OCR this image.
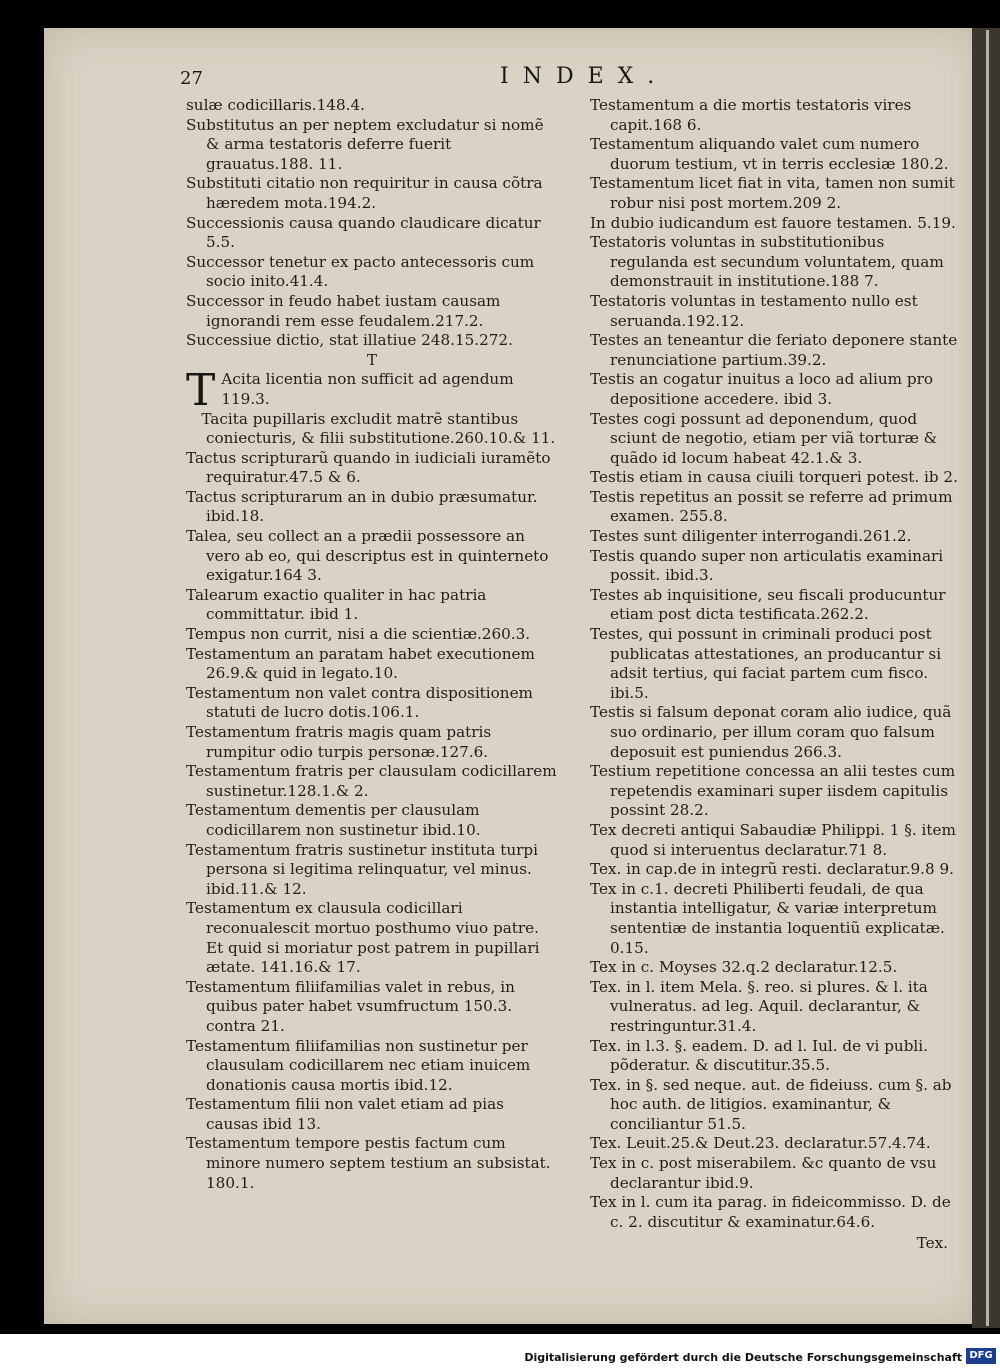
27	INDEX.
sulæ codicillaris.148.4.
Substitutus an per neptem excludatur si nomẽ & arma testatoris deferre fuerit grauatus.188. 11.
Substituti citatio non requiritur in causa cõtra hæredem mota.194.2.
Successionis causa quando claudicare dicatur 5.5.
Successor tenetur ex pacto antecessoris cum socio inito.41.4.
Successor in feudo habet iustam causam ignorandi rem esse feudalem.217.2.
Successiue dictio, stat illatiue 248.15.272.
T
T Acita licentia non sufficit ad agendum 119.3.
Tacita pupillaris excludit matrẽ stantibus coniecturis, & filii substitutione.260.10.& 11.
Tactus scripturarũ quando in iudiciali iuramẽto requiratur.47.5 & 6.
Tactus scripturarum an in dubio præsumatur. ibid.18.
Talea, seu collect an a prædii possessore an vero ab eo, qui descriptus est in quinterneto exigatur.164 3.
Talearum exactio qualiter in hac patria committatur. ibid 1.
Tempus non currit, nisi a die scientiæ.260.3.
Testamentum an paratam habet executionem 26.9.& quid in legato.10.
Testamentum non valet contra dispositionem statuti de lucro dotis.106.1.
Testamentum fratris magis quam patris rumpitur odio turpis personæ.127.6.
Testamentum fratris per clausulam codicillarem sustinetur.128.1.& 2.
Testamentum dementis per clausulam codicillarem non sustinetur ibid.10.
Testamentum fratris sustinetur instituta turpi persona si legitima relinquatur, vel minus. ibid.11.& 12.
Testamentum ex clausula codicillari reconualescit mortuo posthumo viuo patre. Et quid si moriatur post patrem in pupillari ætate. 141.16.& 17.
Testamentum filiifamilias valet in rebus, in quibus pater habet vsumfructum 150.3. contra 21.
Testamentum filiifamilias non sustinetur per clausulam codicillarem nec etiam inuicem donationis causa mortis ibid.12.
Testamentum filii non valet etiam ad pias causas ibid 13.
Testamentum tempore pestis factum cum minore numero septem testium an subsistat. 180.1.
Testamentum a die mortis testatoris vires capit.168 6.
Testamentum aliquando valet cum numero duorum testium, vt in terris ecclesiæ 180.2.
Testamentum licet fiat in vita, tamen non sumit robur nisi post mortem.209 2.
In dubio iudicandum est fauore testamen. 5.19.
Testatoris voluntas in substitutionibus regulanda est secundum voluntatem, quam demonstrauit in institutione.188 7.
Testatoris voluntas in testamento nullo est seruanda.192.12.
Testes an teneantur die feriato deponere stante renunciatione partium.39.2.
Testis an cogatur inuitus a loco ad alium pro depositione accedere. ibid 3.
Testes cogi possunt ad deponendum, quod sciunt de negotio, etiam per viã torturæ & quãdo id locum habeat 42.1.& 3.
Testis etiam in causa ciuili torqueri potest. ib 2.
Testis repetitus an possit se referre ad primum examen. 255.8.
Testes sunt diligenter interrogandi.261.2.
Testis quando super non articulatis examinari possit. ibid.3.
Testes ab inquisitione, seu fiscali producuntur etiam post dicta testificata.262.2.
Testes, qui possunt in criminali produci post publicatas attestationes, an producantur si adsit tertius, qui faciat partem cum fisco. ibi.5.
Testis si falsum deponat coram alio iudice, quã suo ordinario, per illum coram quo falsum deposuit est puniendus 266.3.
Testium repetitione concessa an alii testes cum repetendis examinari super iisdem capitulis possint 28.2.
Tex decreti antiqui Sabaudiæ Philippi. 1 §. item quod si interuentus declaratur.71 8.
Tex. in cap.de in integrũ resti. declaratur.9.8 9.
Tex in c.1. decreti Philiberti feudali, de qua instantia intelligatur, & variæ interpretum sententiæ de instantia loquentiũ explicatæ. 0.15.
Tex in c. Moyses 32.q.2 declaratur.12.5.
Tex. in l. item Mela. §. reo. si plures. & l. ita vulneratus. ad leg. Aquil. declarantur, & restringuntur.31.4.
Tex. in l.3. §. eadem. D. ad l. Iul. de vi publi. põderatur. & discutitur.35.5.
Tex. in §. sed neque. aut. de fideiuss. cum §. ab hoc auth. de litigios. examinantur, & conciliantur 51.5.
Tex. Leuit.25.& Deut.23. declaratur.57.4.74.
Tex in c. post miserabilem. &c quanto de vsu declarantur ibid.9.
Tex in l. cum ita parag. in fideicommisso. D. de c. 2. discutitur & examinatur.64.6.
Tex.
Digitalisierung gefördert durch die Deutsche Forschungsgemeinschaft DFG
